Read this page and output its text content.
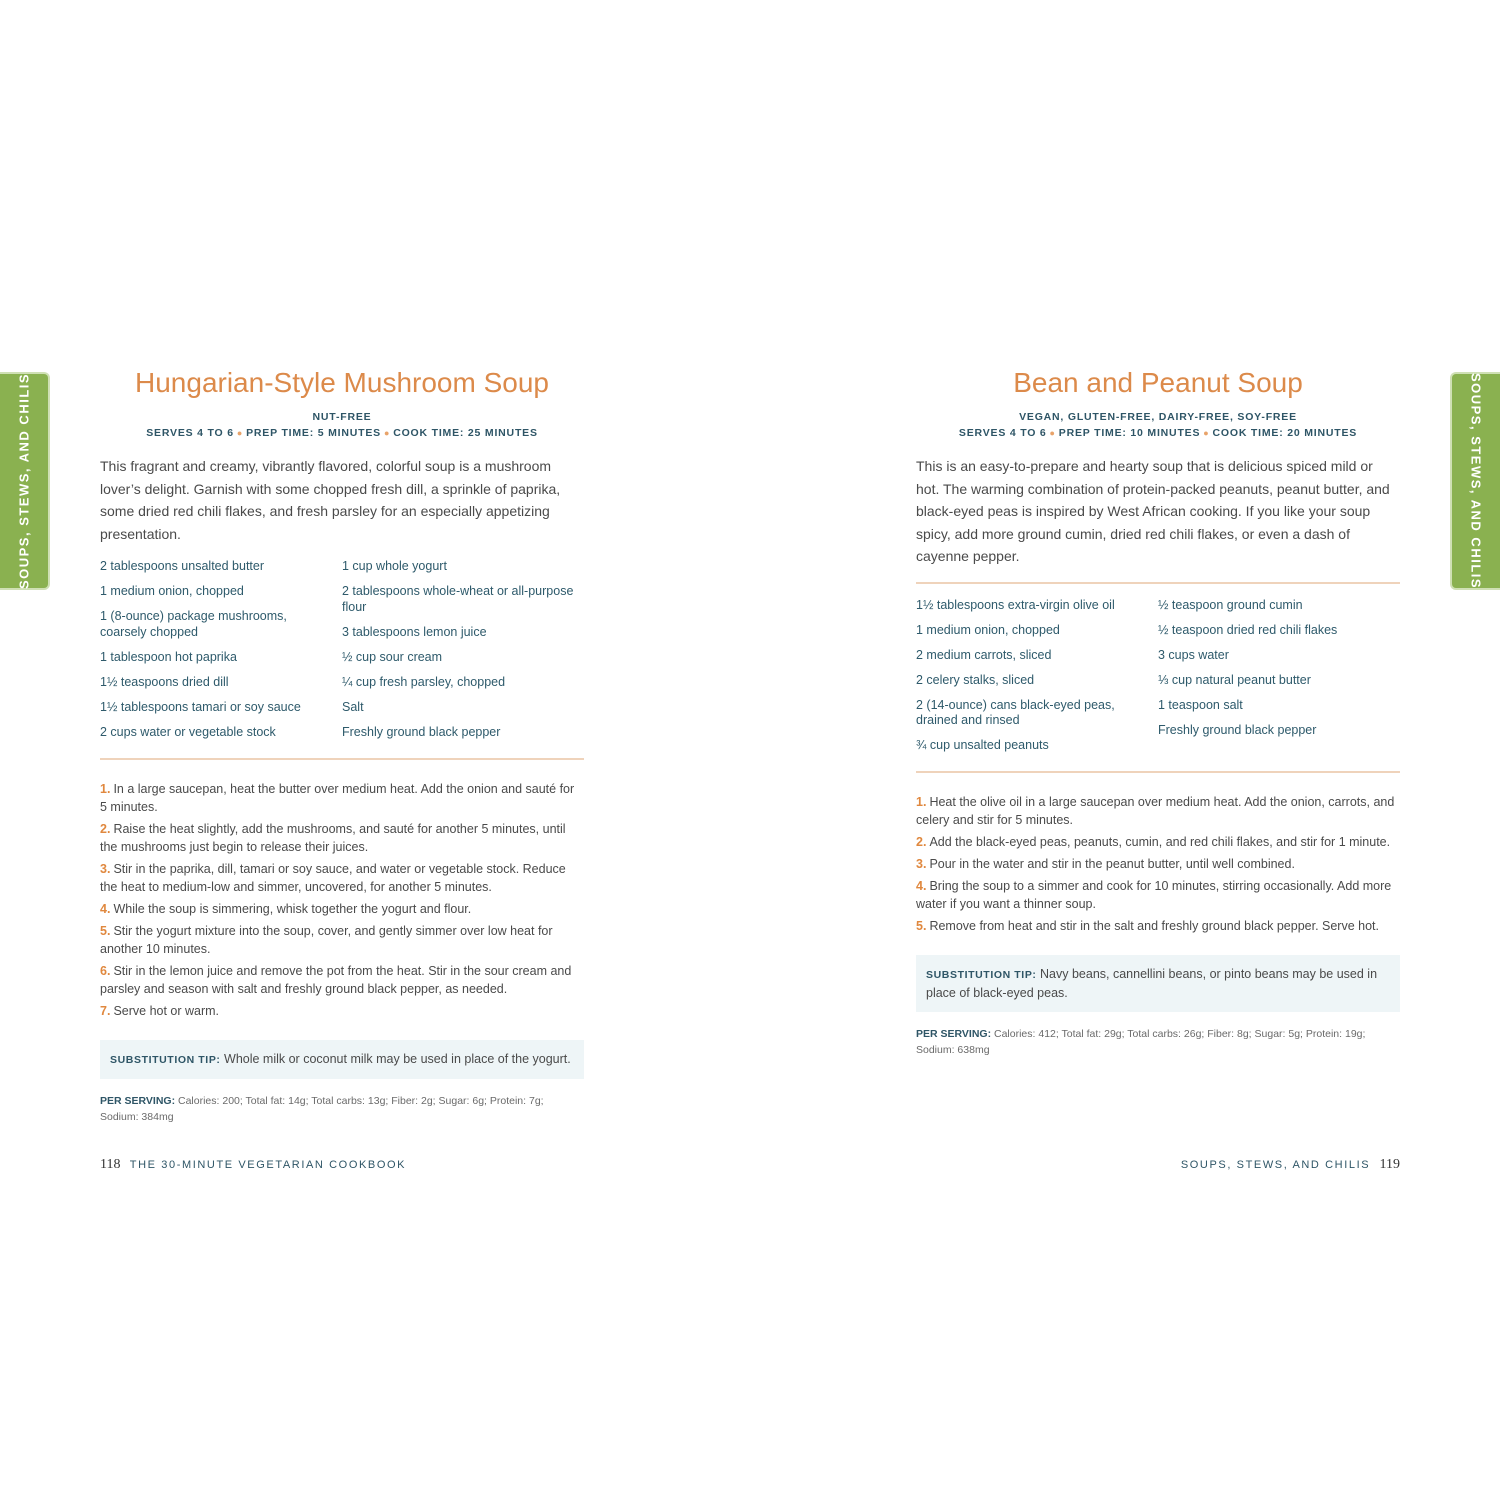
SOUPS, STEWS, AND CHILIS	Hungarian-Style Mushroom Soup
NUT-FREE
SERVES 4 TO 6 ● PREP TIME: 5 MINUTES ● COOK TIME: 25 MINUTES

This fragrant and creamy, vibrantly flavored, colorful soup is a mushroom lover’s delight. Garnish with some chopped fresh dill, a sprinkle of paprika, some dried red chili flakes, and fresh parsley for an especially appetizing presentation.

2 tablespoons unsalted butter
1 medium onion, chopped
1 (8-ounce) package mushrooms, coarsely chopped
1 tablespoon hot paprika
1½ teaspoons dried dill
1½ tablespoons tamari or soy sauce
2 cups water or vegetable stock
1 cup whole yogurt
2 tablespoons whole-wheat or all-purpose flour
3 tablespoons lemon juice
½ cup sour cream
¼ cup fresh parsley, chopped
Salt
Freshly ground black pepper
1. In a large saucepan, heat the butter over medium heat. Add the onion and sauté for 5 minutes.
2. Raise the heat slightly, add the mushrooms, and sauté for another 5 minutes, until the mushrooms just begin to release their juices.
3. Stir in the paprika, dill, tamari or soy sauce, and water or vegetable stock. Reduce the heat to medium-low and simmer, uncovered, for another 5 minutes.
4. While the soup is simmering, whisk together the yogurt and flour.
5. Stir the yogurt mixture into the soup, cover, and gently simmer over low heat for another 10 minutes.
6. Stir in the lemon juice and remove the pot from the heat. Stir in the sour cream and parsley and season with salt and freshly ground black pepper, as needed.
7. Serve hot or warm.
SUBSTITUTION TIP: Whole milk or coconut milk may be used in place of the yogurt.
PER SERVING: Calories: 200; Total fat: 14g; Total carbs: 13g; Fiber: 2g; Sugar: 6g; Protein: 7g; Sodium: 384mg
118 THE 30-MINUTE VEGETARIAN COOKBOOK
SOUPS, STEWS, AND CHILIS
Bean and Peanut Soup
VEGAN, GLUTEN-FREE, DAIRY-FREE, SOY-FREE
SERVES 4 TO 6 ● PREP TIME: 10 MINUTES ● COOK TIME: 20 MINUTES

This is an easy-to-prepare and hearty soup that is delicious spiced mild or hot. The warming combination of protein-packed peanuts, peanut butter, and black-eyed peas is inspired by West African cooking. If you like your soup spicy, add more ground cumin, dried red chili flakes, or even a dash of cayenne pepper.

1½ tablespoons extra-virgin olive oil
1 medium onion, chopped
2 medium carrots, sliced
2 celery stalks, sliced
2 (14-ounce) cans black-eyed peas, drained and rinsed
¾ cup unsalted peanuts
½ teaspoon ground cumin
½ teaspoon dried red chili flakes
3 cups water
⅓ cup natural peanut butter
1 teaspoon salt
Freshly ground black pepper
1. Heat the olive oil in a large saucepan over medium heat. Add the onion, carrots, and celery and stir for 5 minutes.
2. Add the black-eyed peas, peanuts, cumin, and red chili flakes, and stir for 1 minute.
3. Pour in the water and stir in the peanut butter, until well combined.
4. Bring the soup to a simmer and cook for 10 minutes, stirring occasionally. Add more water if you want a thinner soup.
5. Remove from heat and stir in the salt and freshly ground black pepper. Serve hot.
SUBSTITUTION TIP: Navy beans, cannellini beans, or pinto beans may be used in place of black-eyed peas.
PER SERVING: Calories: 412; Total fat: 29g; Total carbs: 26g; Fiber: 8g; Sugar: 5g; Protein: 19g; Sodium: 638mg
SOUPS, STEWS, AND CHILIS 119
